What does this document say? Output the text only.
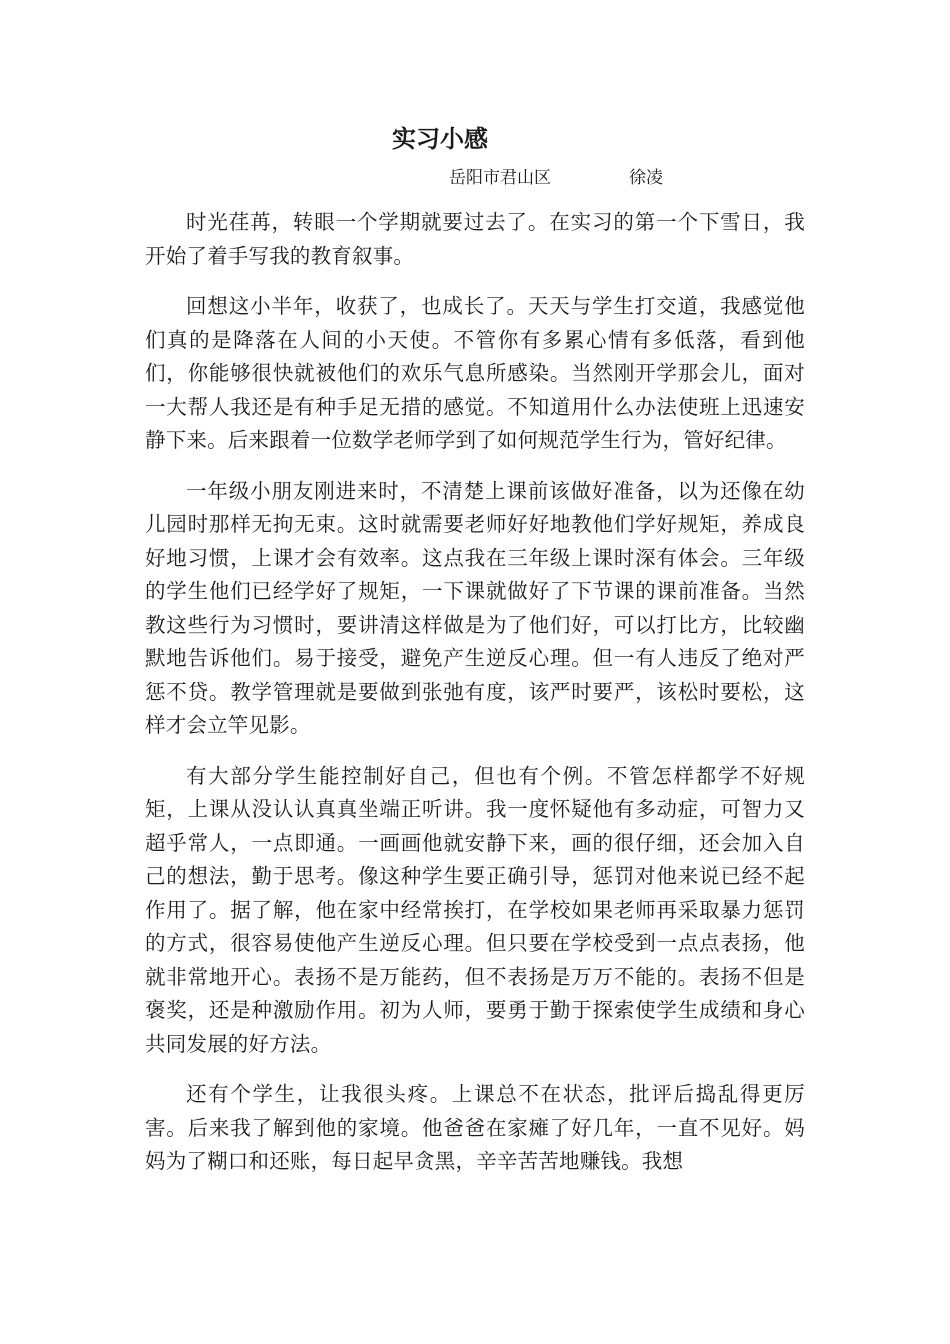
实习小感
岳阳市君山区	徐凌

时光荏苒，转眼一个学期就要过去了。在实习的第一个下雪日，我开始了着手写我的教育叙事。

回想这小半年，收获了，也成长了。天天与学生打交道，我感觉他们真的是降落在人间的小天使。不管你有多累心情有多低落，看到他们，你能够很快就被他们的欢乐气息所感染。当然刚开学那会儿，面对一大帮人我还是有种手足无措的感觉。不知道用什么办法使班上迅速安静下来。后来跟着一位数学老师学到了如何规范学生行为，管好纪律。

一年级小朋友刚进来时，不清楚上课前该做好准备，以为还像在幼儿园时那样无拘无束。这时就需要老师好好地教他们学好规矩，养成良好地习惯，上课才会有效率。这点我在三年级上课时深有体会。三年级的学生他们已经学好了规矩，一下课就做好了下节课的课前准备。当然教这些行为习惯时，要讲清这样做是为了他们好，可以打比方，比较幽默地告诉他们。易于接受，避免产生逆反心理。但一有人违反了绝对严惩不贷。教学管理就是要做到张弛有度，该严时要严，该松时要松，这样才会立竿见影。

有大部分学生能控制好自己，但也有个例。不管怎样都学不好规矩，上课从没认认真真坐端正听讲。我一度怀疑他有多动症，可智力又超乎常人，一点即通。一画画他就安静下来，画的很仔细，还会加入自己的想法，勤于思考。像这种学生要正确引导，惩罚对他来说已经不起作用了。据了解，他在家中经常挨打，在学校如果老师再采取暴力惩罚的方式，很容易使他产生逆反心理。但只要在学校受到一点点表扬，他就非常地开心。表扬不是万能药，但不表扬是万万不能的。表扬不但是褒奖，还是种激励作用。初为人师，要勇于勤于探索使学生成绩和身心共同发展的好方法。

还有个学生，让我很头疼。上课总不在状态，批评后捣乱得更厉害。后来我了解到他的家境。他爸爸在家瘫了好几年，一直不见好。妈妈为了糊口和还账，每日起早贪黑，辛辛苦苦地赚钱。我想
